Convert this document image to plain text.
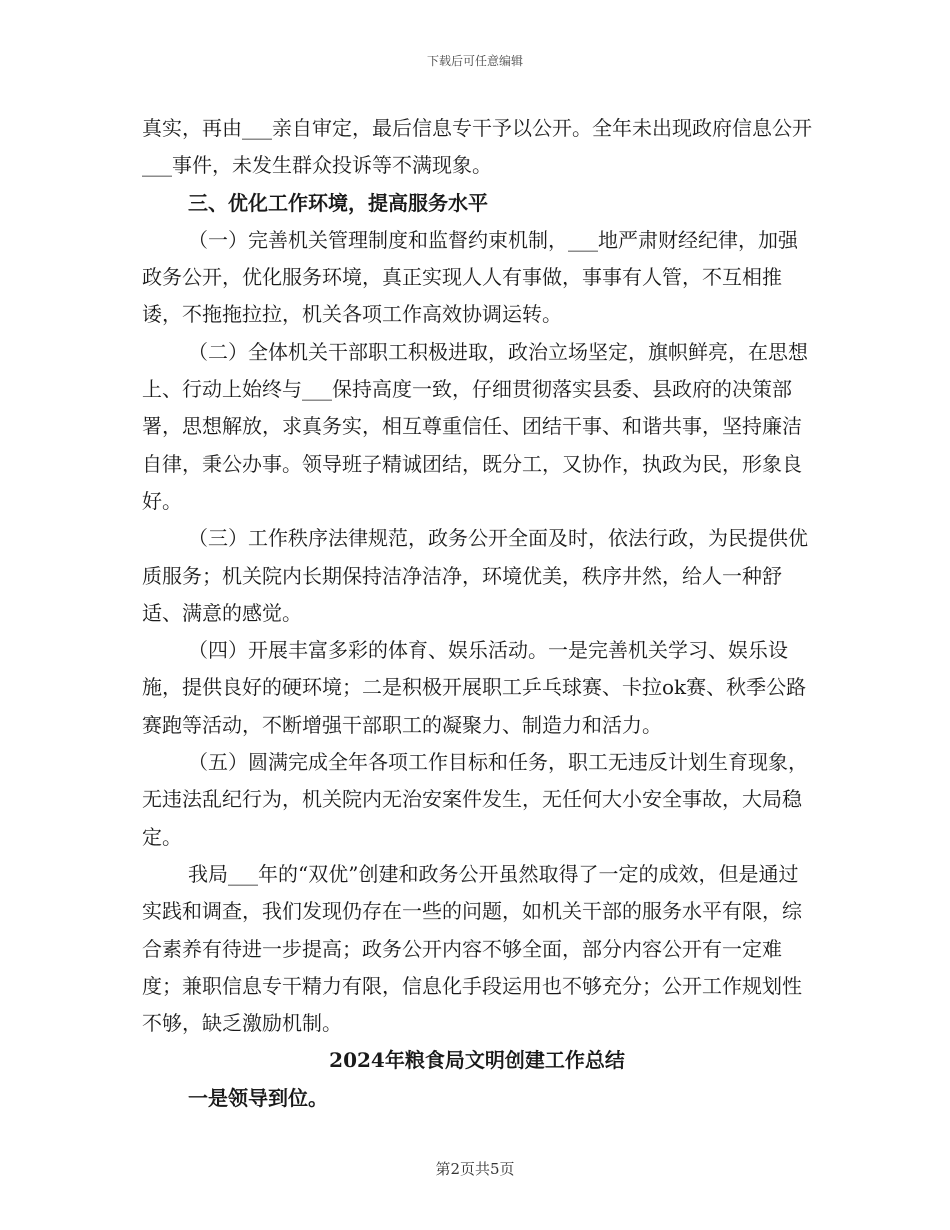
下载后可任意编辑

真实，再由___亲自审定，最后信息专干予以公开。全年未出现政府信息公开___事件，未发生群众投诉等不满现象。

三、优化工作环境，提高服务水平

（一）完善机关管理制度和监督约束机制，___地严肃财经纪律，加强政务公开，优化服务环境，真正实现人人有事做，事事有人管，不互相推诿，不拖拖拉拉，机关各项工作高效协调运转。

（二）全体机关干部职工积极进取，政治立场坚定，旗帜鲜亮，在思想上、行动上始终与___保持高度一致，仔细贯彻落实县委、县政府的决策部署，思想解放，求真务实，相互尊重信任、团结干事、和谐共事，坚持廉洁自律，秉公办事。领导班子精诚团结，既分工，又协作，执政为民，形象良好。

（三）工作秩序法律规范，政务公开全面及时，依法行政，为民提供优质服务；机关院内长期保持洁净洁净，环境优美，秩序井然，给人一种舒适、满意的感觉。

（四）开展丰富多彩的体育、娱乐活动。一是完善机关学习、娱乐设施，提供良好的硬环境；二是积极开展职工乒乓球赛、卡拉ok赛、秋季公路赛跑等活动，不断增强干部职工的凝聚力、制造力和活力。

（五）圆满完成全年各项工作目标和任务，职工无违反计划生育现象，无违法乱纪行为，机关院内无治安案件发生，无任何大小安全事故，大局稳定。

我局___年的“双优”创建和政务公开虽然取得了一定的成效，但是通过实践和调查，我们发现仍存在一些的问题，如机关干部的服务水平有限，综合素养有待进一步提高；政务公开内容不够全面，部分内容公开有一定难度；兼职信息专干精力有限，信息化手段运用也不够充分；公开工作规划性不够，缺乏激励机制。

2024年粮食局文明创建工作总结

一是领导到位。

第2页共5页
